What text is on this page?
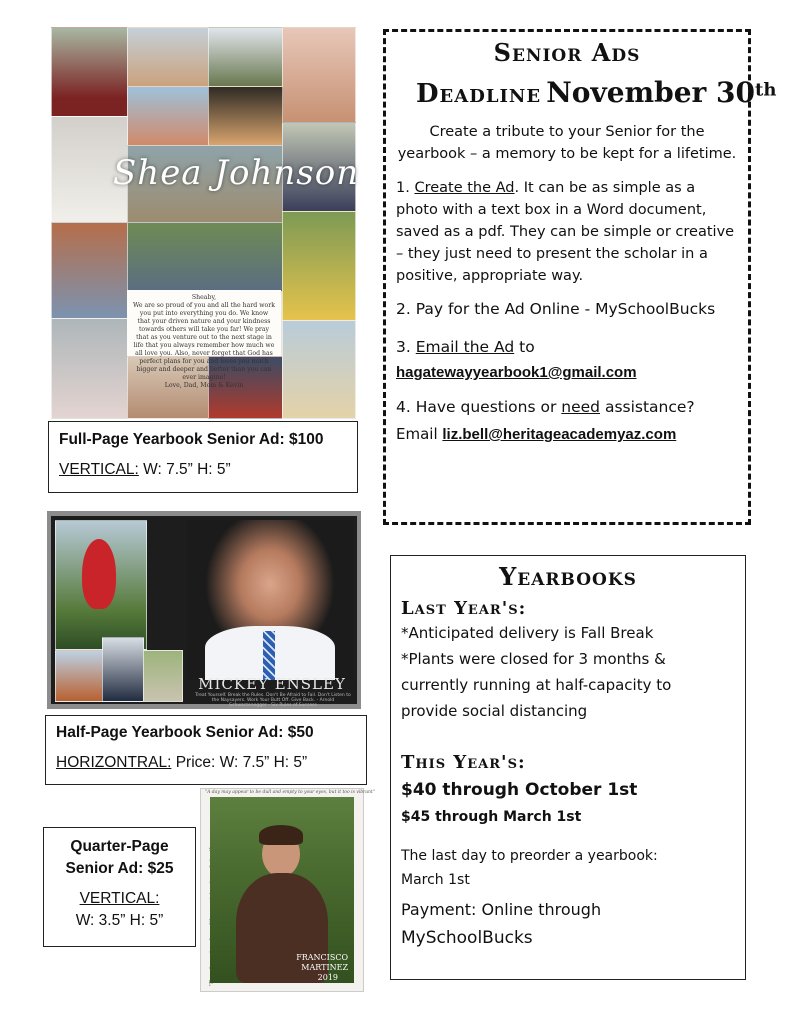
Shea Johnson
Sheaby,
We are so proud of you and all the hard work you put into everything you do. We know that your driven nature and your kindness towards others will take you far! We pray that as you venture out to the next stage in life that you always remember how much we all love you. Also, never forget that God has perfect plans for you and loves you much bigger and deeper and better than you can ever imagine!
Love, Dad, Mom & Kevin
Full-Page Yearbook Senior Ad: $100
VERTICAL: W: 7.5” H: 5”
MICKEY ENSLEY
Treat Yourself. Break the Rules. Don't Be Afraid to Fail. Don't Listen to the Naysayers. Work Your Butt Off. Give Back. - Arnold Schwarzenegger - Six Rules of Success
Half-Page Yearbook Senior Ad: $50
HORIZONTRAL: Price: W: 7.5” H: 5”
Quarter-Page
Senior Ad: $25
VERTICAL:
W: 3.5” H: 5”
"A day may appear to be dull and empty to your eyes, but it too is vibrant"
FRANCISCO
MARTINEZ
2019
Senior Ads
Deadline November 30th
Create a tribute to your Senior for the
yearbook – a memory to be kept for a lifetime.
1. Create the Ad. It can be as simple as a
photo with a text box in a Word document,
saved as a pdf. They can be simple or creative
– they just need to present the scholar in a
positive, appropriate way.
2. Pay for the Ad Online - MySchoolBucks
3. Email the Ad to
hagatewayyearbook1@gmail.com
4. Have questions or need assistance?
Email liz.bell@heritageacademyaz.com
Yearbooks
Last Year's:
*Anticipated delivery is Fall Break
*Plants were closed for 3 months &
currently running at half-capacity to
provide social distancing
This Year's:
$40 through October 1st
$45 through March 1st
The last day to preorder a yearbook:
March 1st
Payment: Online through
MySchoolBucks
